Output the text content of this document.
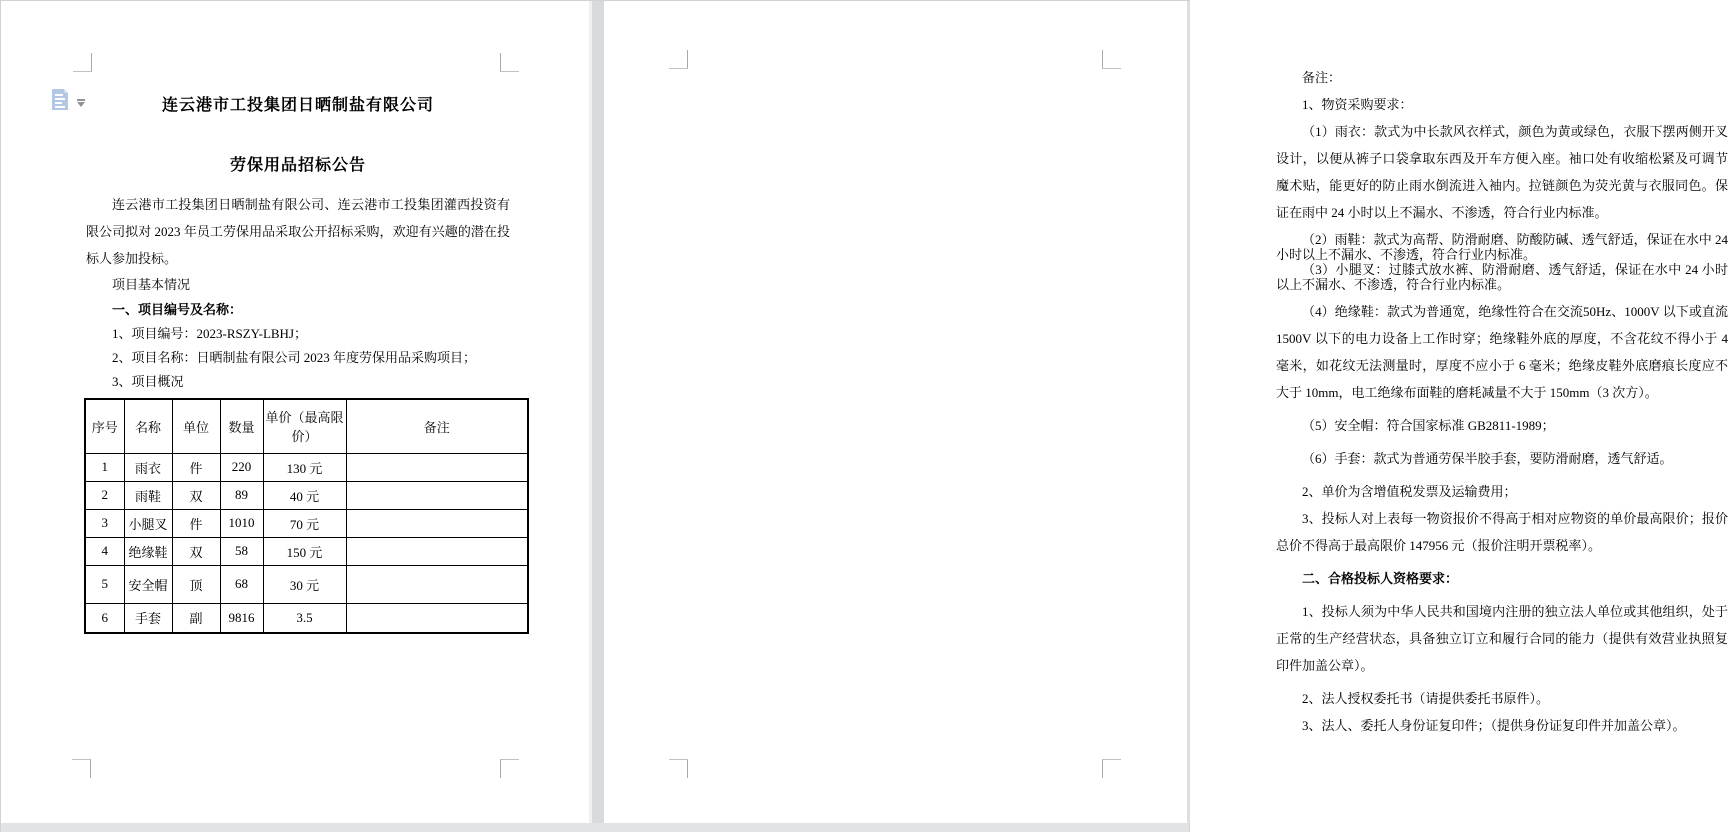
连云港市工投集团日晒制盐有限公司
劳保用品招标公告

连云港市工投集团日晒制盐有限公司、连云港市工投集团灌西投资有限公司拟对 2023 年员工劳保用品采取公开招标采购，欢迎有兴趣的潜在投标人参加投标。

项目基本情况

一、项目编号及名称：

1、项目编号：2023-RSZY-LBHJ；

2、项目名称：日晒制盐有限公司 2023 年度劳保用品采购项目；

3、项目概况

序号	名称	单位	数量	单价（最高限价）	备注
1	雨衣	件	220	130 元	
2	雨鞋	双	89	40 元	
3	小腿叉	件	1010	70 元	
4	绝缘鞋	双	58	150 元	
5	安全帽	顶	68	30 元	
6	手套	副	9816	3.5	

备注：

1、物资采购要求：

（1）雨衣：款式为中长款风衣样式，颜色为黄或绿色，衣服下摆两侧开叉设计，以便从裤子口袋拿取东西及开车方便入座。袖口处有收缩松紧及可调节魔术贴，能更好的防止雨水倒流进入袖内。拉链颜色为荧光黄与衣服同色。保证在雨中 24 小时以上不漏水、不渗透，符合行业内标准。

（2）雨鞋：款式为高帮、防滑耐磨、防酸防碱、透气舒适，保证在水中 24 小时以上不漏水、不渗透，符合行业内标准。

（3）小腿叉：过膝式放水裤、防滑耐磨、透气舒适，保证在水中 24 小时以上不漏水、不渗透，符合行业内标准。

（4）绝缘鞋：款式为普通宽，绝缘性符合在交流50Hz、1000V 以下或直流 1500V 以下的电力设备上工作时穿；绝缘鞋外底的厚度，不含花纹不得小于 4 毫米，如花纹无法测量时，厚度不应小于 6 毫米；绝缘皮鞋外底磨痕长度应不大于 10mm，电工绝缘布面鞋的磨耗减量不大于 150mm（3 次方）。

（5）安全帽：符合国家标准 GB2811-1989；

（6）手套：款式为普通劳保半胶手套，要防滑耐磨，透气舒适。

2、单价为含增值税发票及运输费用；

3、投标人对上表每一物资报价不得高于相对应物资的单价最高限价；报价总价不得高于最高限价 147956 元（报价注明开票税率）。

二、合格投标人资格要求：

1、投标人须为中华人民共和国境内注册的独立法人单位或其他组织，处于正常的生产经营状态，具备独立订立和履行合同的能力（提供有效营业执照复印件加盖公章）。

2、法人授权委托书（请提供委托书原件）。

3、法人、委托人身份证复印件；（提供身份证复印件并加盖公章）。
